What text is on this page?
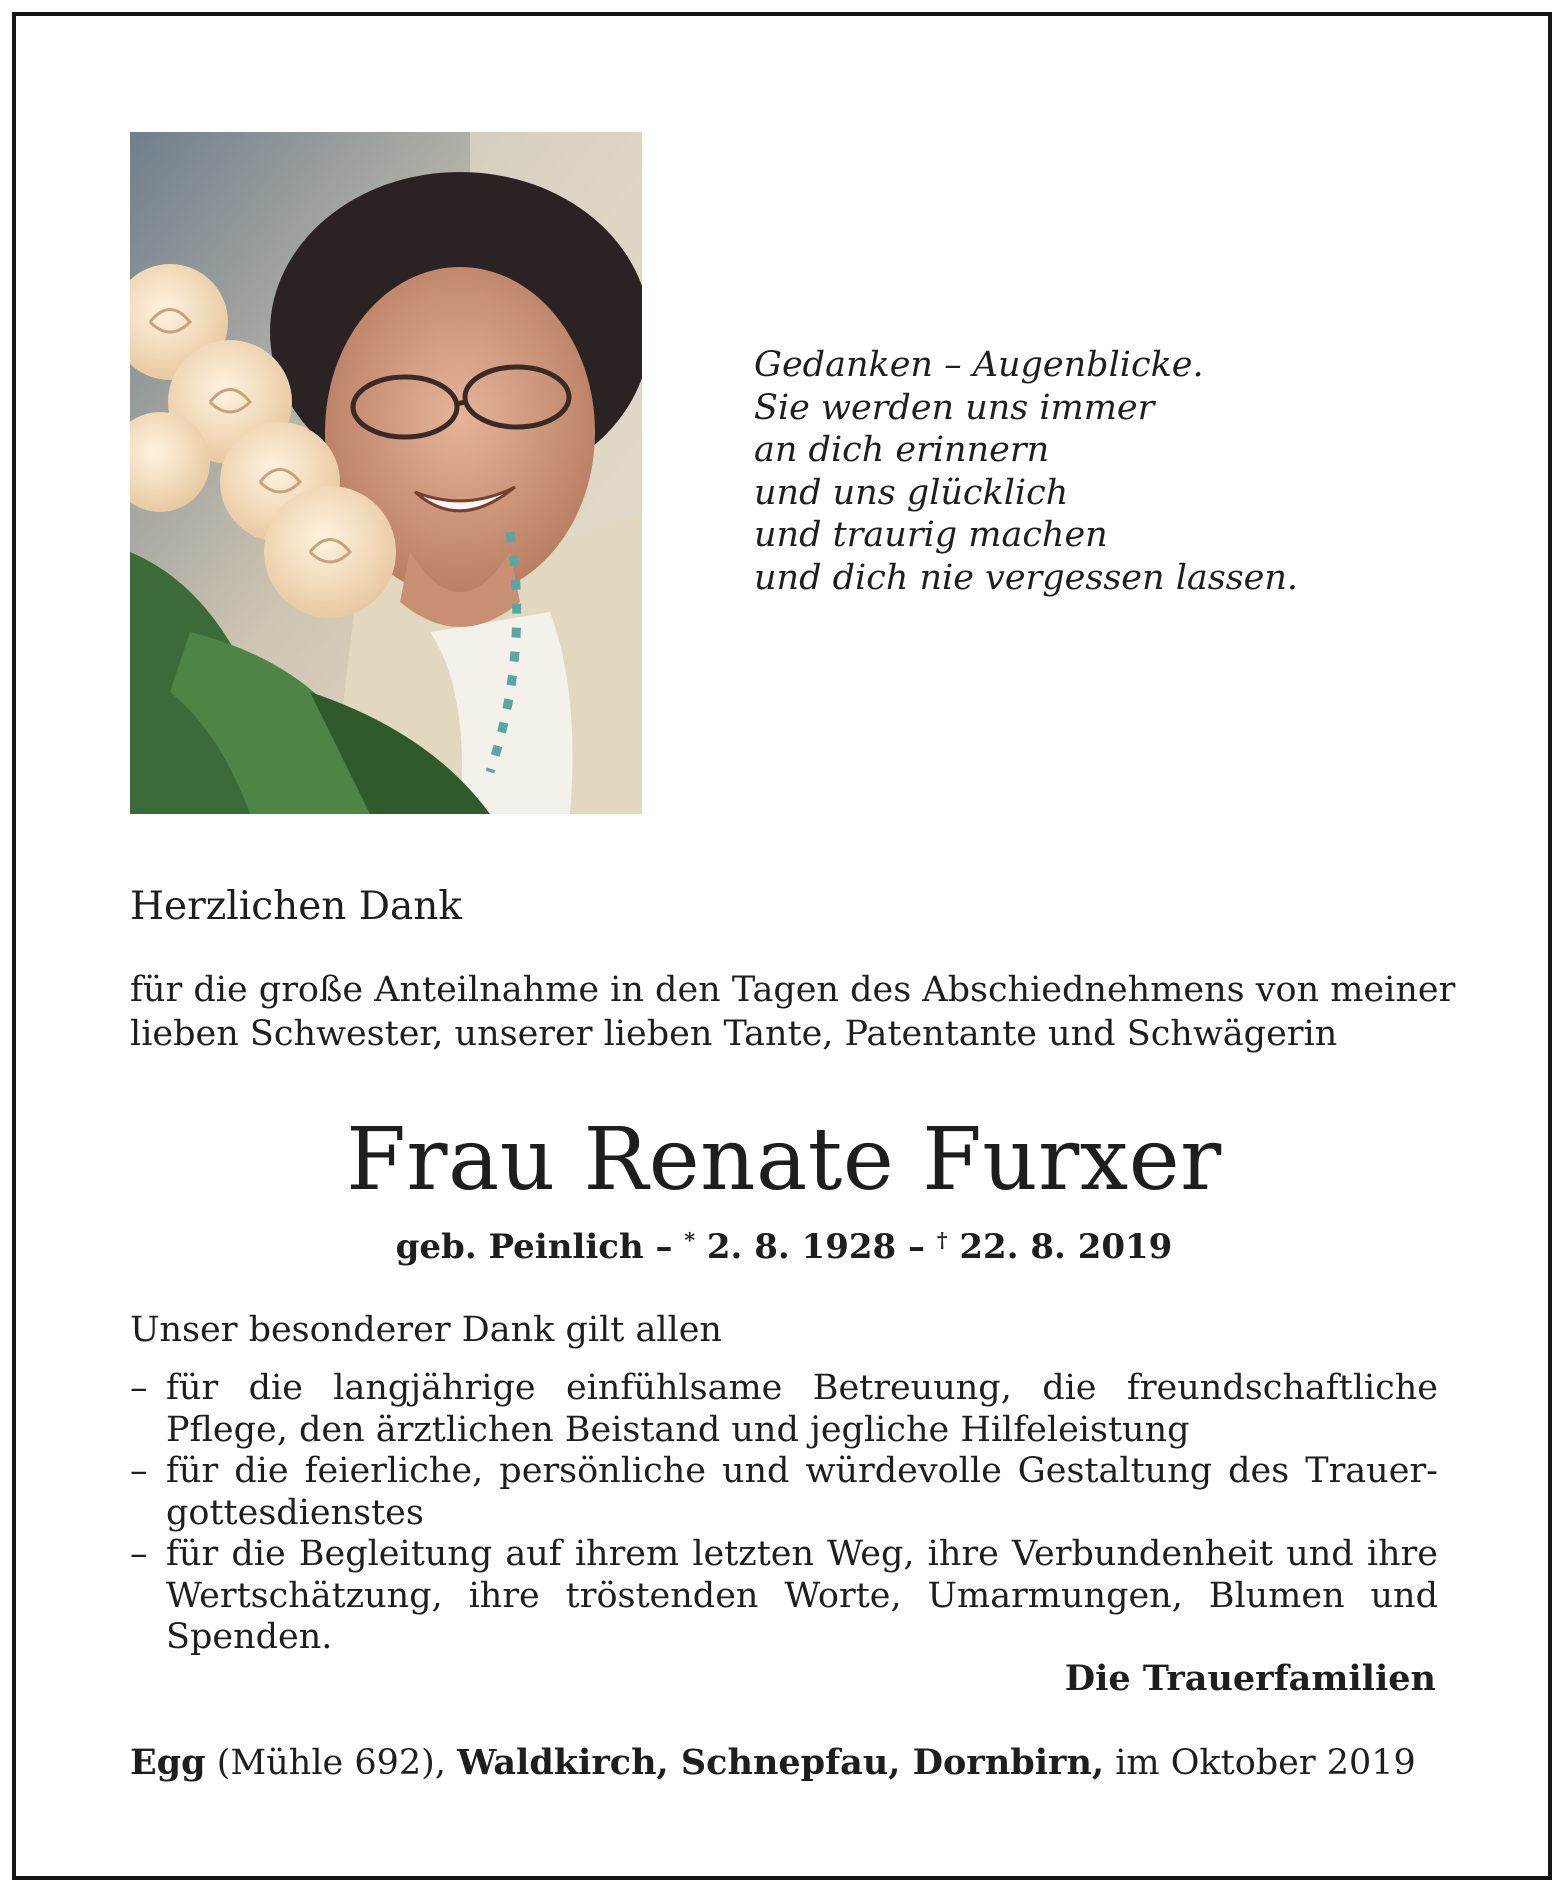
Gedanken – Augenblicke.
Sie werden uns immer
an dich erinnern
und uns glücklich
und traurig machen
und dich nie vergessen lassen.
Herzlichen Dank
für die große Anteilnahme in den Tagen des Abschiednehmens von meiner
lieben Schwester, unserer lieben Tante, Patentante und Schwägerin
Frau Renate Furxer
geb. Peinlich – * 2. 8. 1928 – † 22. 8. 2019
Unser besonderer Dank gilt allen
– für die langjährige einfühlsame Betreuung, die freundschaftliche Pflege, den ärztlichen Beistand und jegliche Hilfeleistung
– für die feierliche, persönliche und würdevolle Gestaltung des Trauergottesdienstes
– für die Begleitung auf ihrem letzten Weg, ihre Verbundenheit und ihre Wertschätzung, ihre tröstenden Worte, Umarmungen, Blumen und Spenden.
Die Trauerfamilien
Egg (Mühle 692), Waldkirch, Schnepfau, Dornbirn, im Oktober 2019
